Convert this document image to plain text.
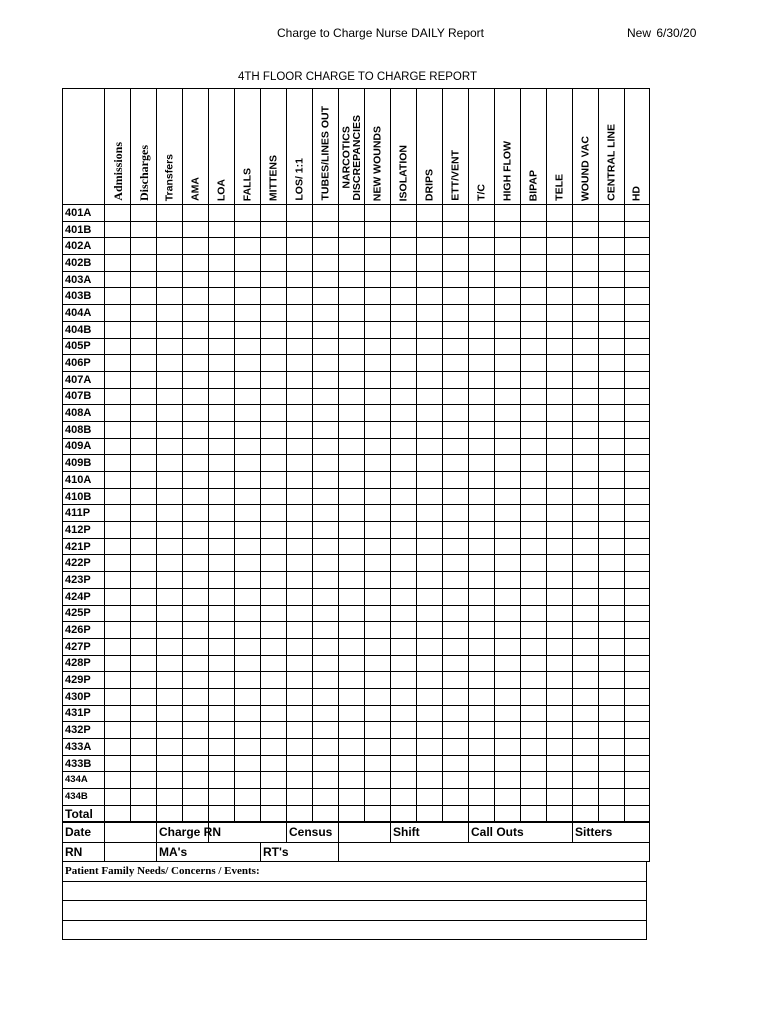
Charge to Charge Nurse DAILY Report	New 6/30/20
4TH FLOOR CHARGE TO CHARGE REPORT

	Admissions	Discharges	Transfers	AMA	LOA	FALLS	MITTENS	LOS/ 1:1	TUBES/LINES OUT	NARCOTICS
DISCREPANCIES	NEW WOUNDS	ISOLATION	DRIPS	ETT/VENT	T/C	HIGH FLOW	BIPAP	TELE	WOUND VAC	CENTRAL LINE	HD

401A																					
401B																					
402A																					
402B																					
403A																					
403B																					
404A																					
404B																					
405P																					
406P																					
407A																					
407B																					
408A																					
408B																					
409A																					
409B																					
410A																					
410B																					
411P																					
412P																					
421P																					
422P																					
423P																					
424P																					
425P																					
426P																					
427P																					
428P																					
429P																					
430P																					
431P																					
432P																					
433A																					
433B																					
434A																					
434B																					
Total																					
Date		Charge RN				Census			Shift	Call Outs	Sitters
RN		MA's			RT's						
Patient Family Needs/ Concerns / Events:
